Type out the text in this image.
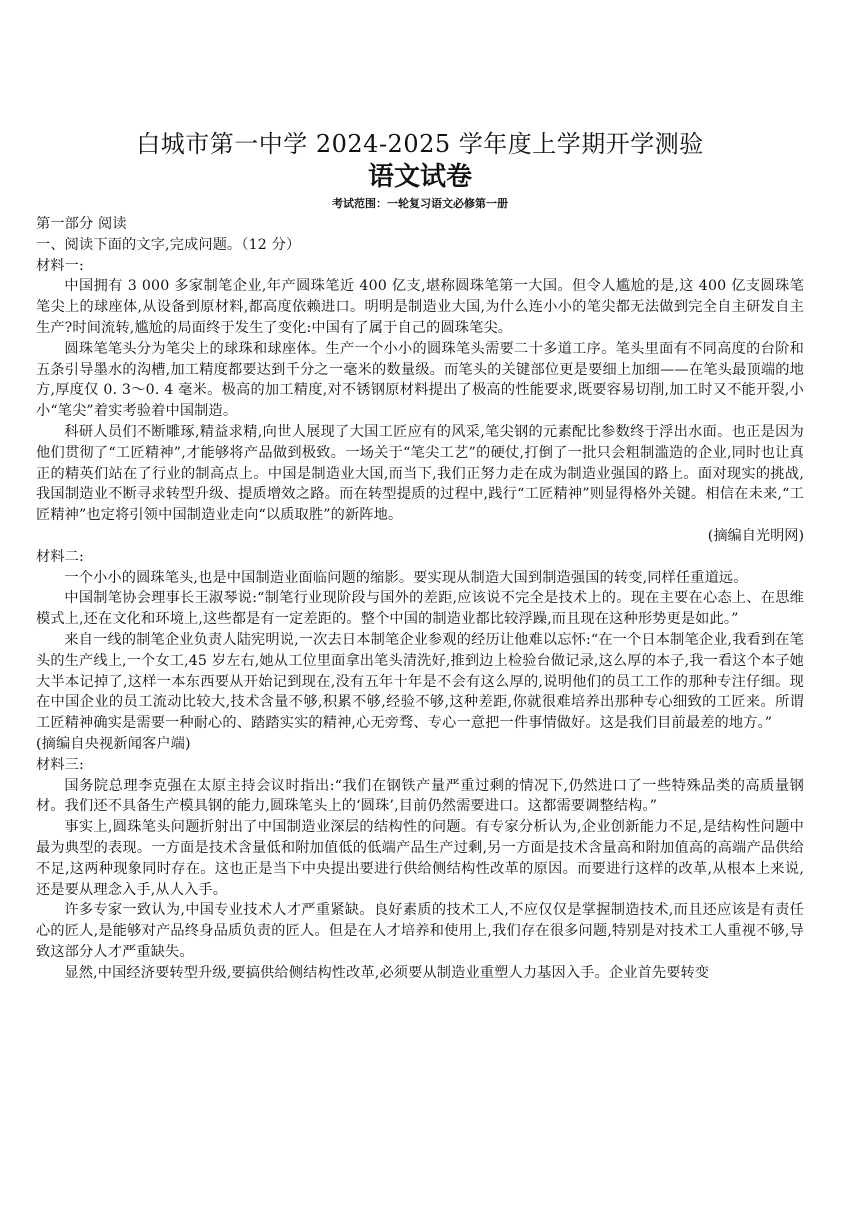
白城市第一中学 2024-2025 学年度上学期开学测验
语文试卷

考试范围：一轮复习语文必修第一册

第一部分 阅读

一、阅读下面的文字,完成问题。（12 分）

材料一:

中国拥有 3 000 多家制笔企业,年产圆珠笔近 400 亿支,堪称圆珠笔第一大国。但令人尴尬的是,这 400 亿支圆珠笔笔尖上的球座体,从设备到原材料,都高度依赖进口。明明是制造业大国,为什么连小小的笔尖都无法做到完全自主研发自主生产?时间流转,尴尬的局面终于发生了变化:中国有了属于自己的圆珠笔尖。

圆珠笔笔头分为笔尖上的球珠和球座体。生产一个小小的圆珠笔头需要二十多道工序。笔头里面有不同高度的台阶和五条引导墨水的沟槽,加工精度都要达到千分之一毫米的数量级。而笔头的关键部位更是要细上加细——在笔头最顶端的地方,厚度仅 0. 3～0. 4 毫米。极高的加工精度,对不锈钢原材料提出了极高的性能要求,既要容易切削,加工时又不能开裂,小小“笔尖”着实考验着中国制造。

科研人员们不断雕琢,精益求精,向世人展现了大国工匠应有的风采,笔尖钢的元素配比参数终于浮出水面。也正是因为他们贯彻了“工匠精神”,才能够将产品做到极致。一场关于“笔尖工艺”的硬仗,打倒了一批只会粗制滥造的企业,同时也让真正的精英们站在了行业的制高点上。中国是制造业大国,而当下,我们正努力走在成为制造业强国的路上。面对现实的挑战,我国制造业不断寻求转型升级、提质增效之路。而在转型提质的过程中,践行“工匠精神”则显得格外关键。相信在未来,“工匠精神”也定将引领中国制造业走向“以质取胜”的新阵地。

(摘编自光明网)

材料二:

一个小小的圆珠笔头,也是中国制造业面临问题的缩影。要实现从制造大国到制造强国的转变,同样任重道远。

中国制笔协会理事长王淑琴说:“制笔行业现阶段与国外的差距,应该说不完全是技术上的。现在主要在心态上、在思维模式上,还在文化和环境上,这些都是有一定差距的。整个中国的制造业都比较浮躁,而且现在这种形势更是如此。”

来自一线的制笔企业负责人陆宪明说,一次去日本制笔企业参观的经历让他难以忘怀:“在一个日本制笔企业,我看到在笔头的生产线上,一个女工,45 岁左右,她从工位里面拿出笔头清洗好,推到边上检验台做记录,这么厚的本子,我一看这个本子她大半本记掉了,这样一本东西要从开始记到现在,没有五年十年是不会有这么厚的,说明他们的员工工作的那种专注仔细。现在中国企业的员工流动比较大,技术含量不够,积累不够,经验不够,这种差距,你就很难培养出那种专心细致的工匠来。所谓工匠精神确实是需要一种耐心的、踏踏实实的精神,心无旁骛、专心一意把一件事情做好。这是我们目前最差的地方。”

(摘编自央视新闻客户端)

材料三:

国务院总理李克强在太原主持会议时指出:“我们在钢铁产量严重过剩的情况下,仍然进口了一些特殊品类的高质量钢材。我们还不具备生产模具钢的能力,圆珠笔头上的‘圆珠’,目前仍然需要进口。这都需要调整结构。”

事实上,圆珠笔头问题折射出了中国制造业深层的结构性的问题。有专家分析认为,企业创新能力不足,是结构性问题中最为典型的表现。一方面是技术含量低和附加值低的低端产品生产过剩,另一方面是技术含量高和附加值高的高端产品供给不足,这两种现象同时存在。这也正是当下中央提出要进行供给侧结构性改革的原因。而要进行这样的改革,从根本上来说,还是要从理念入手,从人入手。

许多专家一致认为,中国专业技术人才严重紧缺。良好素质的技术工人,不应仅仅是掌握制造技术,而且还应该是有责任心的匠人,是能够对产品终身品质负责的匠人。但是在人才培养和使用上,我们存在很多问题,特别是对技术工人重视不够,导致这部分人才严重缺失。

显然,中国经济要转型升级,要搞供给侧结构性改革,必须要从制造业重塑人力基因入手。企业首先要转变
